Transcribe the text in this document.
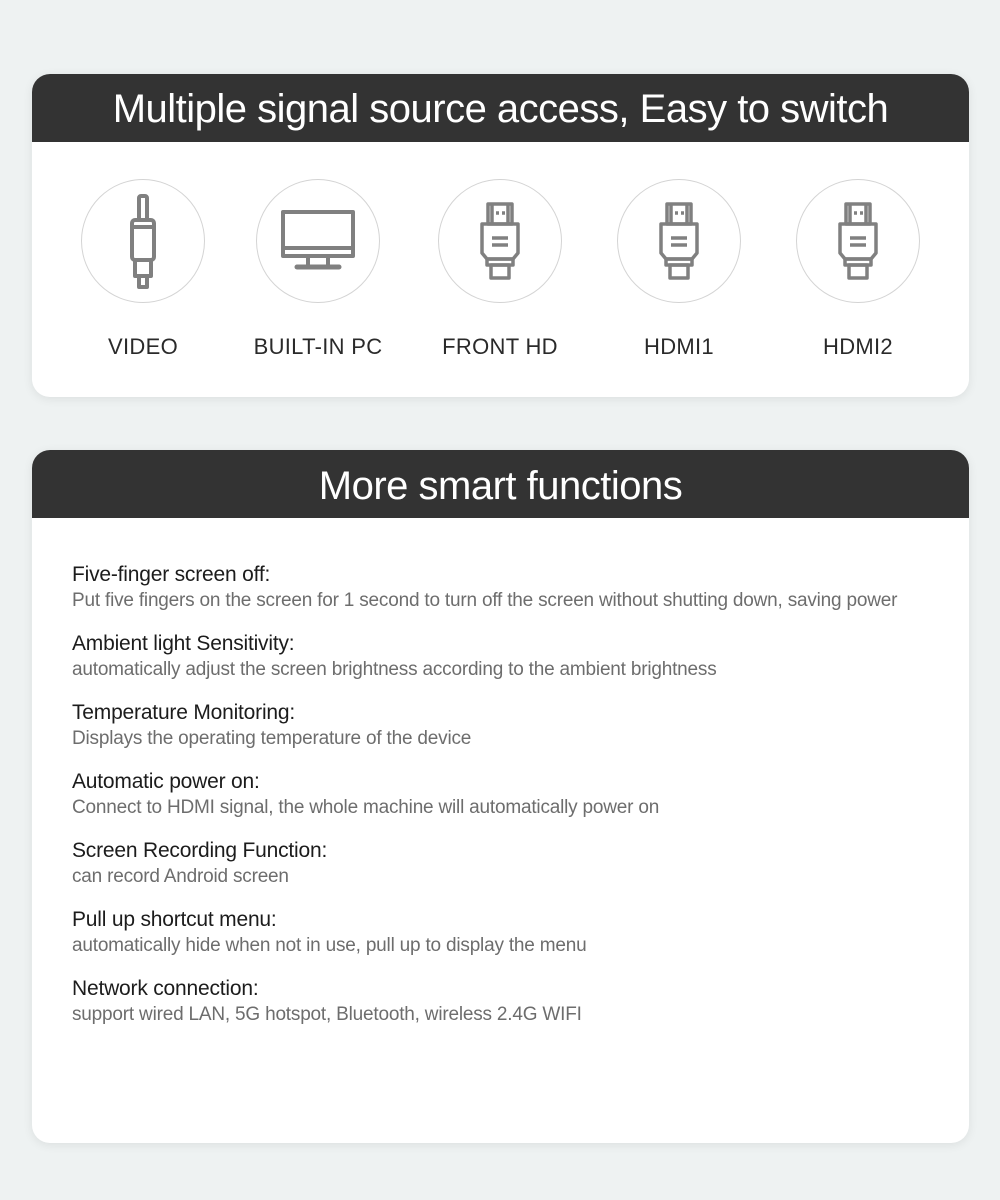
Multiple signal source access, Easy to switch
VIDEO	BUILT-IN PC	FRONT HD	HDMI1	HDMI2
More smart functions
Five-finger screen off:
Put five fingers on the screen for 1 second to turn off the screen without shutting down, saving power
Ambient light Sensitivity:
automatically adjust the screen brightness according to the ambient brightness
Temperature Monitoring:
Displays the operating temperature of the device
Automatic power on:
Connect to HDMI signal, the whole machine will automatically power on
Screen Recording Function:
can record Android screen
Pull up shortcut menu:
automatically hide when not in use, pull up to display the menu
Network connection:
support wired LAN, 5G hotspot, Bluetooth, wireless 2.4G WIFI
